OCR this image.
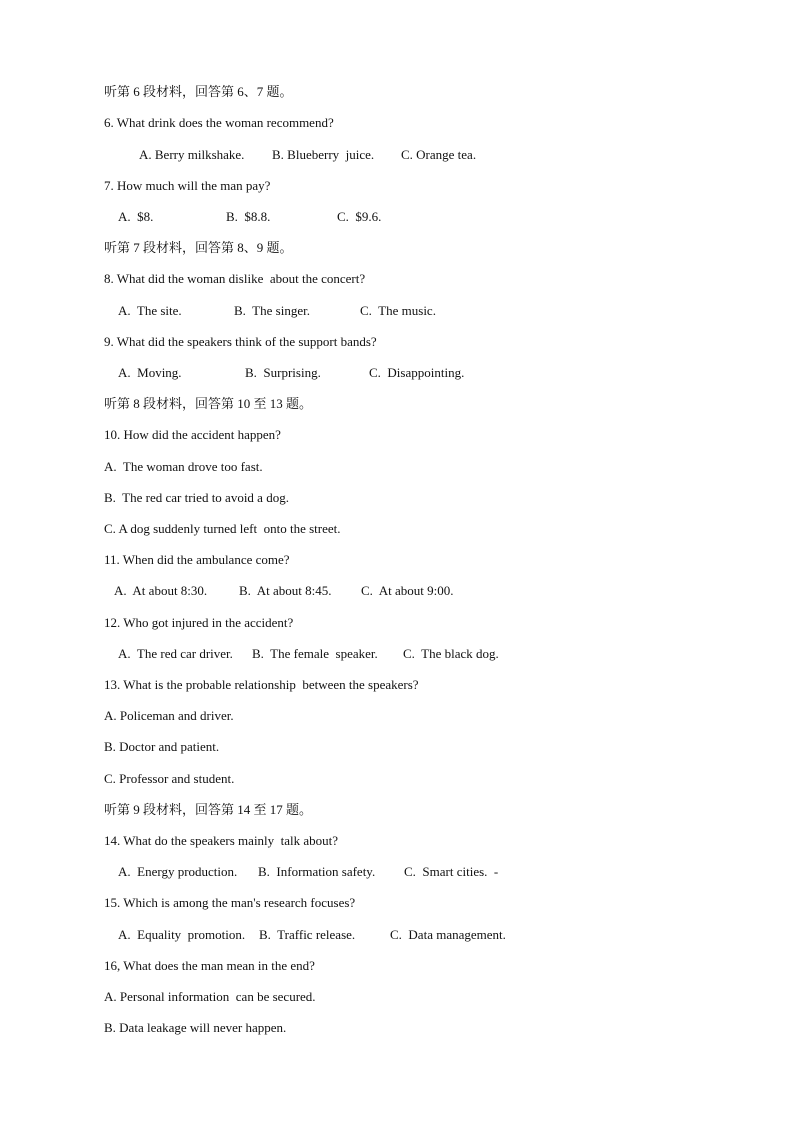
听第 6 段材料，回答第 6、7 题。
6. What drink does the woman recommend?
A. Berry milkshake.	B. Blueberry  juice.	C. Orange tea.
7. How much will the man pay?
A.  $8.	B.  $8.8.	C.  $9.6.
听第 7 段材料，回答第 8、9 题。
8. What did the woman dislike  about the concert?
A.  The site.	B.  The singer.	C.  The music.
9. What did the speakers think of the support bands?
A.  Moving.	B.  Surprising.	C.  Disappointing.
听第 8 段材料，回答第 10 至 13 题。
10. How did the accident happen?
A.  The woman drove too fast.
B.  The red car tried to avoid a dog.
C. A dog suddenly turned left  onto the street.
11. When did the ambulance come?
A.  At about 8:30.	B.  At about 8:45.	C.  At about 9:00.
12. Who got injured in the accident?
A.  The red car driver.	B.  The female  speaker.	C.  The black dog.
13. What is the probable relationship  between the speakers?
A. Policeman and driver.
B. Doctor and patient.
C. Professor and student.
听第 9 段材料，回答第 14 至 17 题。
14. What do the speakers mainly  talk about?
A.  Energy production.	B.  Information safety.	C.  Smart cities.  -
15. Which is among the man's research focuses?
A.  Equality  promotion.	B.  Traffic release.	C.  Data management.
16, What does the man mean in the end?
A. Personal information  can be secured.
B. Data leakage will never happen.
